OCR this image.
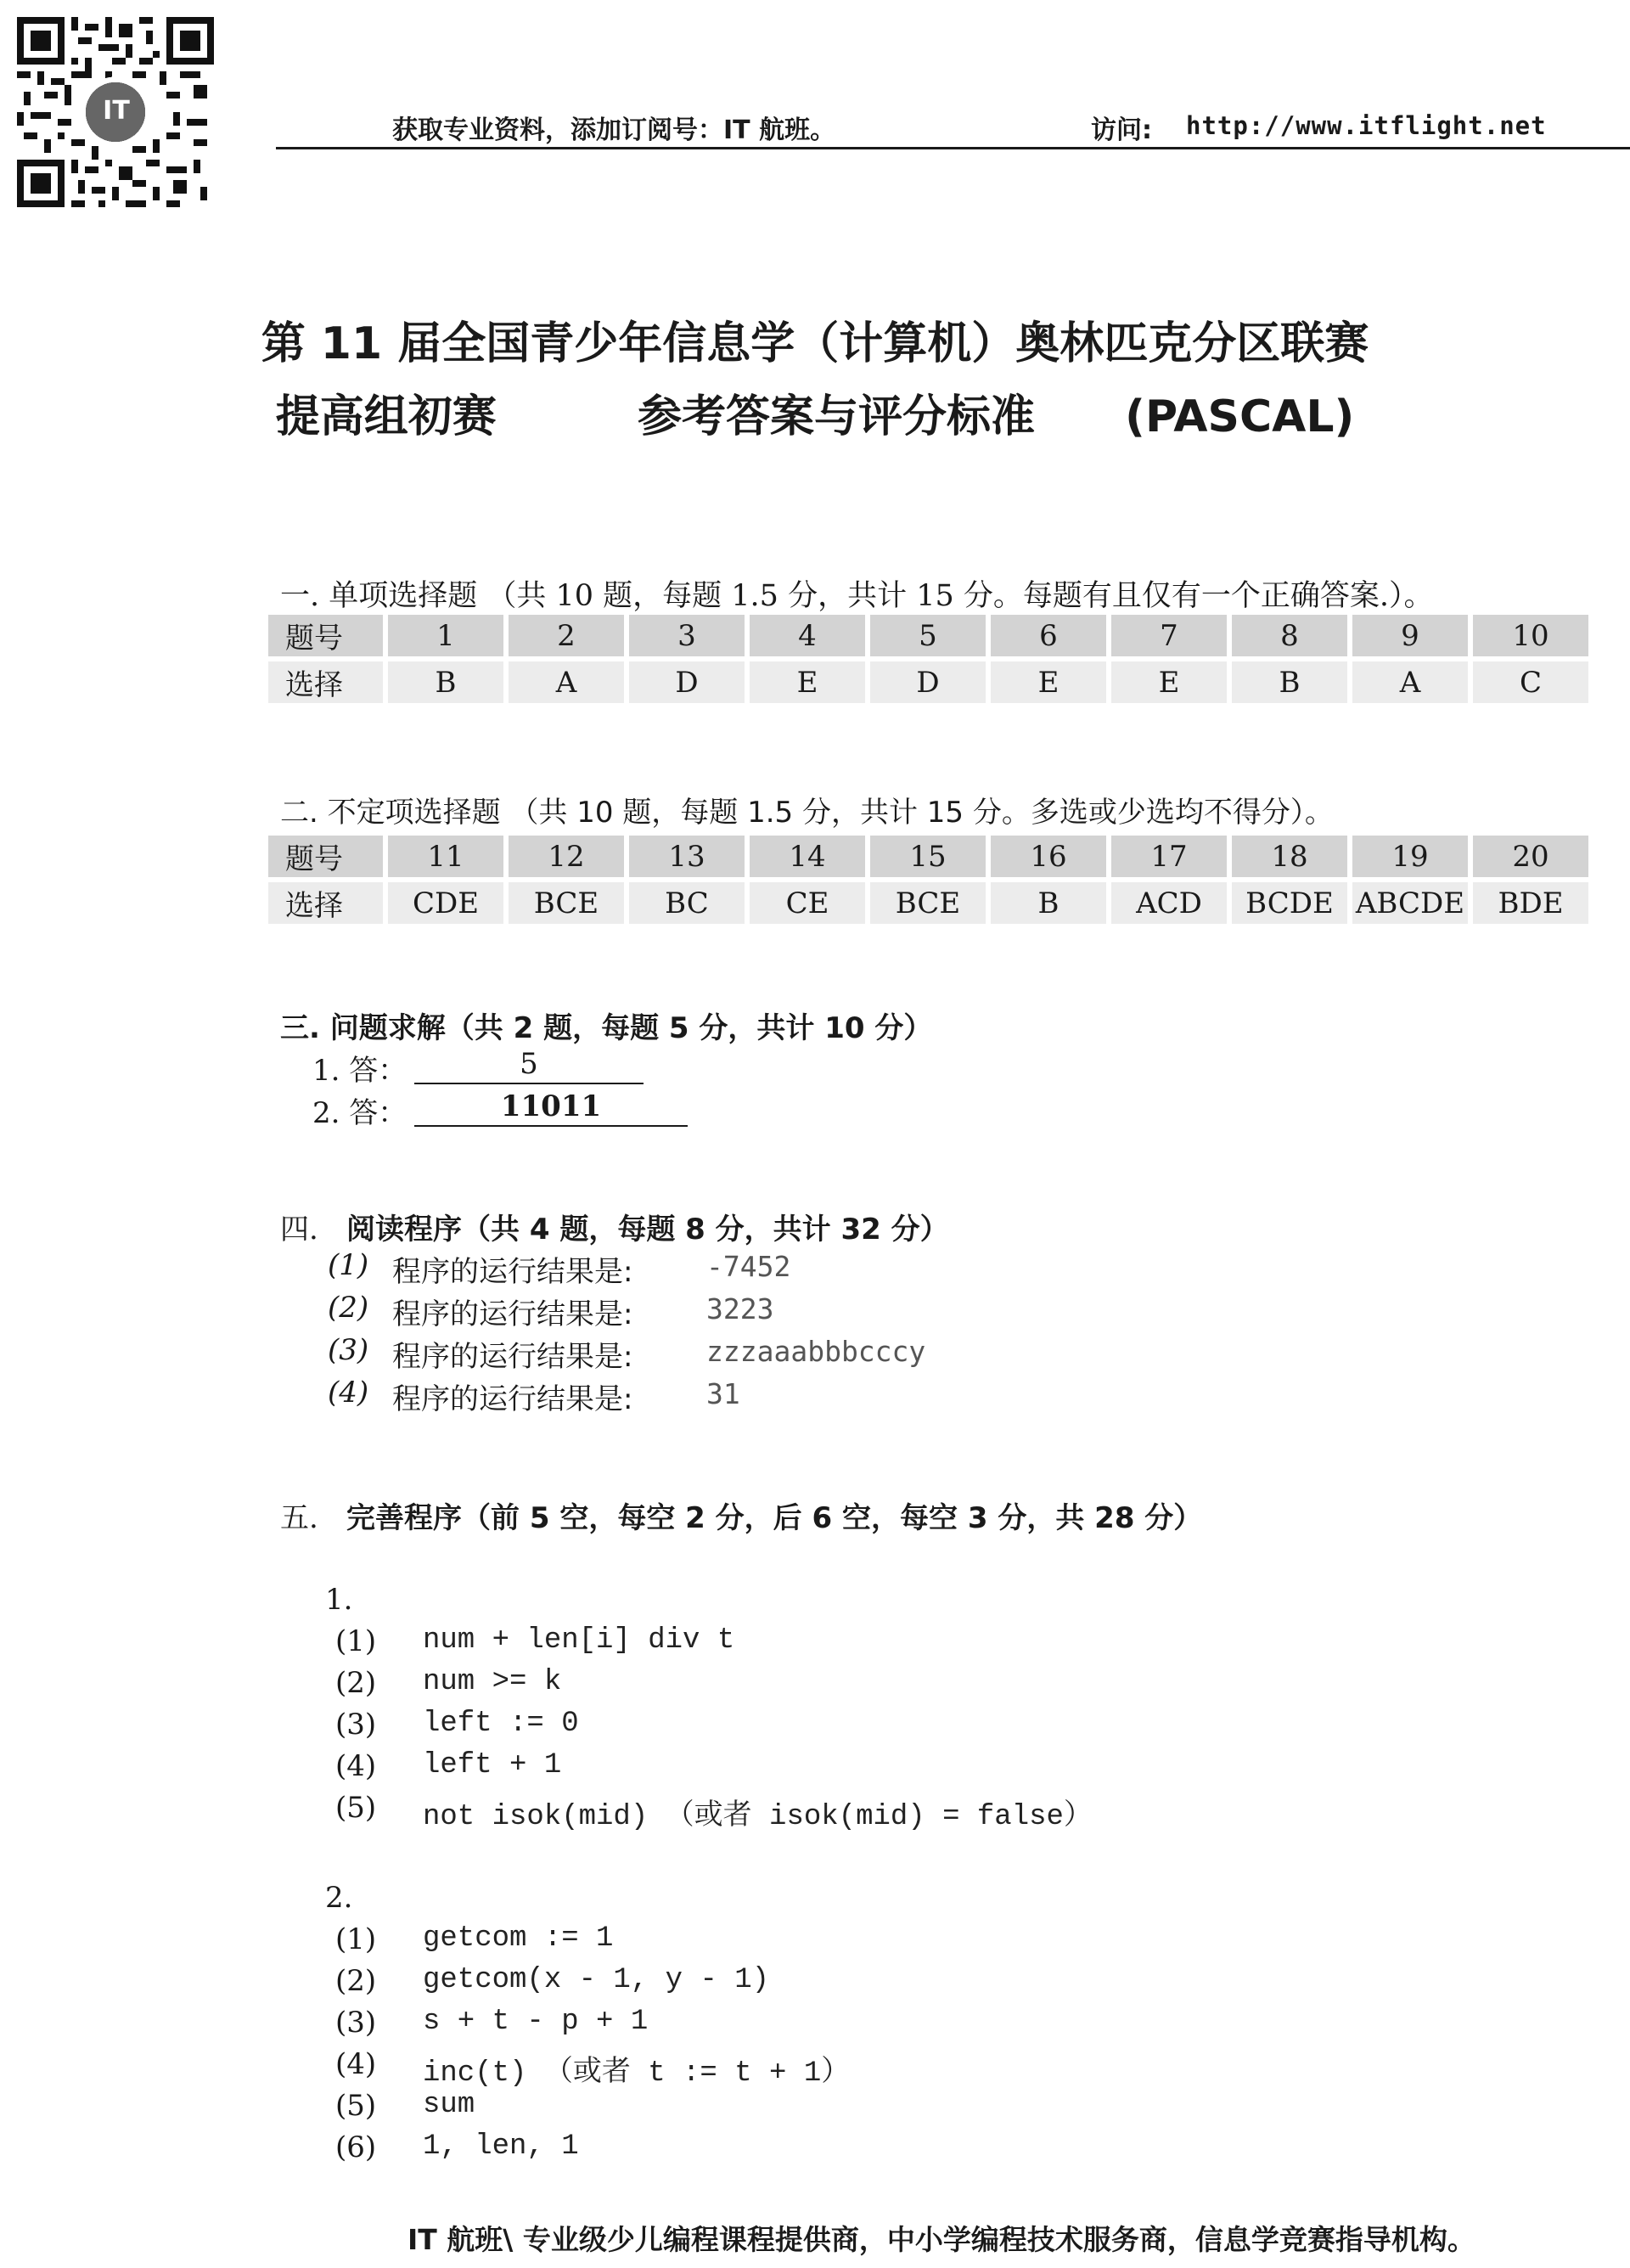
IT
获取专业资料，添加订阅号：IT 航班。	访问: http://www.itflight.net
第 11 届全国青少年信息学（计算机）奥林匹克分区联赛
提高组初赛	参考答案与评分标准 (PASCAL)
一. 单项选择题 （共 10 题，每题 1.5 分，共计 15 分。每题有且仅有一个正确答案.）。
题号	1	2	3	4	5	6	7	8	9	10
选择	B	A	D	E	D	E	E	B	A	C
二. 不定项选择题 （共 10 题，每题 1.5 分，共计 15 分。多选或少选均不得分）。
题号	11	12	13	14	15	16	17	18	19	20
选择	CDE	BCE	BC	CE	BCE	B	ACD	BCDE	ABCDE	BDE
三. 问题求解（共 2 题，每题 5 分，共计 10 分）
1. 答：	5
2. 答：	11011
四. 阅读程序（共 4 题，每题 8 分，共计 32 分）
(1) 程序的运行结果是:	-7452
(2) 程序的运行结果是:	3223
(3) 程序的运行结果是:	zzzaaabbbcccy
(4) 程序的运行结果是:	31
五. 完善程序（前 5 空，每空 2 分，后 6 空，每空 3 分，共 28 分）
1.
(1) num + len[i] div t
(2) num >= k
(3) left := 0
(4) left + 1
(5) not isok(mid) （或者 isok(mid) = false）
2.
(1) getcom := 1
(2) getcom(x - 1, y - 1)
(3) s + t - p + 1
(4) inc(t) （或者 t := t + 1）
(5) sum
(6) 1, len, 1
IT 航班\ 专业级少儿编程课程提供商，中小学编程技术服务商，信息学竞赛指导机构。
